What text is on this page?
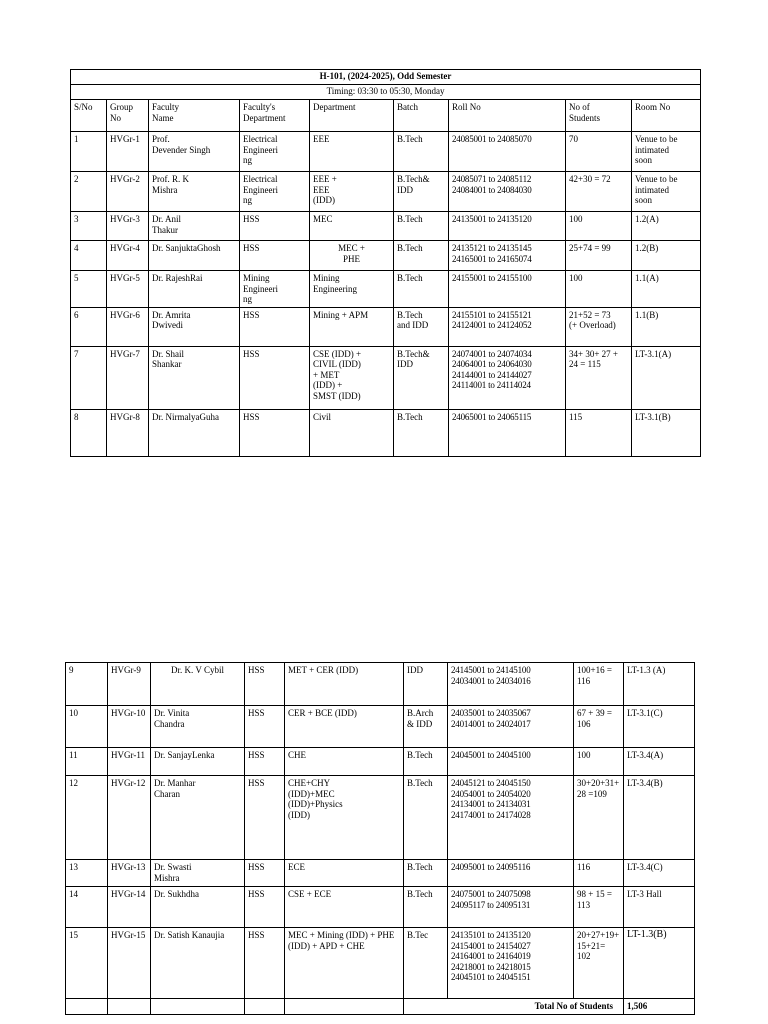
H-101, (2024-2025), Odd Semester								
Timing: 03:30 to 05:30, Monday								
S/No	Group
No	Faculty
Name	Faculty's
Department	Department	Batch	Roll No	No of
Students	Room No
1	HVGr-1	Prof.
Devender Singh	Electrical
Engineeri
ng	EEE	B.Tech	24085001 to 24085070	70	Venue to be
intimated
soon
2	HVGr-2	Prof. R. K
Mishra	Electrical
Engineeri
ng	EEE +
EEE
(IDD)	B.Tech&
IDD	24085071 to 24085112
24084001 to 24084030	42+30 = 72	Venue to be
intimated
soon
3	HVGr-3	Dr. Anil
Thakur	HSS	MEC	B.Tech	24135001 to 24135120	100	1.2(A)
4	HVGr-4	Dr. SanjuktaGhosh	HSS	MEC +
PHE	B.Tech	24135121 to 24135145
24165001 to 24165074	25+74 = 99	1.2(B)
5	HVGr-5	Dr. RajeshRai	Mining
Engineeri
ng	Mining
Engineering	B.Tech	24155001 to 24155100	100	1.1(A)
6	HVGr-6	Dr. Amrita
Dwivedi	HSS	Mining + APM	B.Tech
and IDD	24155101 to 24155121
24124001 to 24124052	21+52 = 73
(+ Overload)	1.1(B)
7	HVGr-7	Dr. Shail
Shankar	HSS	CSE (IDD) +
CIVIL (IDD)
+ MET
(IDD) +
SMST (IDD)	B.Tech&
IDD	24074001 to 24074034
24064001 to 24064030
24144001 to 24144027
24114001 to 24114024	34+ 30+ 27 +
24 = 115	LT-3.1(A)
8	HVGr-8	Dr. NirmalyaGuha	HSS	Civil	B.Tech	24065001 to 24065115	115	LT-3.1(B)
9	HVGr-9	Dr. K. V Cybil	HSS	MET + CER (IDD)	IDD	24145001 to 24145100
24034001 to 24034016	100+16 =
116	LT-1.3 (A)
10	HVGr-10	Dr. Vinita
Chandra	HSS	CER + BCE (IDD)	B.Arch
& IDD	24035001 to 24035067
24014001 to 24024017	67 + 39 =
106	LT-3.1(C)
11	HVGr-11	Dr. SanjayLenka	HSS	CHE	B.Tech	24045001 to 24045100	100	LT-3.4(A)
12	HVGr-12	Dr. Manhar
Charan	HSS	CHE+CHY
(IDD)+MEC
(IDD)+Physics
(IDD)	B.Tech	24045121 to 24045150
24054001 to 24054020
24134001 to 24134031
24174001 to 24174028	30+20+31+
28 =109	LT-3.4(B)
13	HVGr-13	Dr. Swasti
Mishra	HSS	ECE	B.Tech	24095001 to 24095116	116	LT-3.4(C)
14	HVGr-14	Dr. Sukhdha	HSS	CSE + ECE	B.Tech	24075001 to 24075098
24095117 to 24095131	98 + 15 =
113	LT-3 Hall
15	HVGr-15	Dr. Satish Kanaujia	HSS	MEC + Mining (IDD) + PHE
(IDD) + APD + CHE	B.Tec	24135101 to 24135120
24154001 to 24154027
24164001 to 24164019
24218001 to 24218015
24045101 to 24045151	20+27+19+
15+21=
102	LT-1.3(B)
					Total No of Students			1,506
